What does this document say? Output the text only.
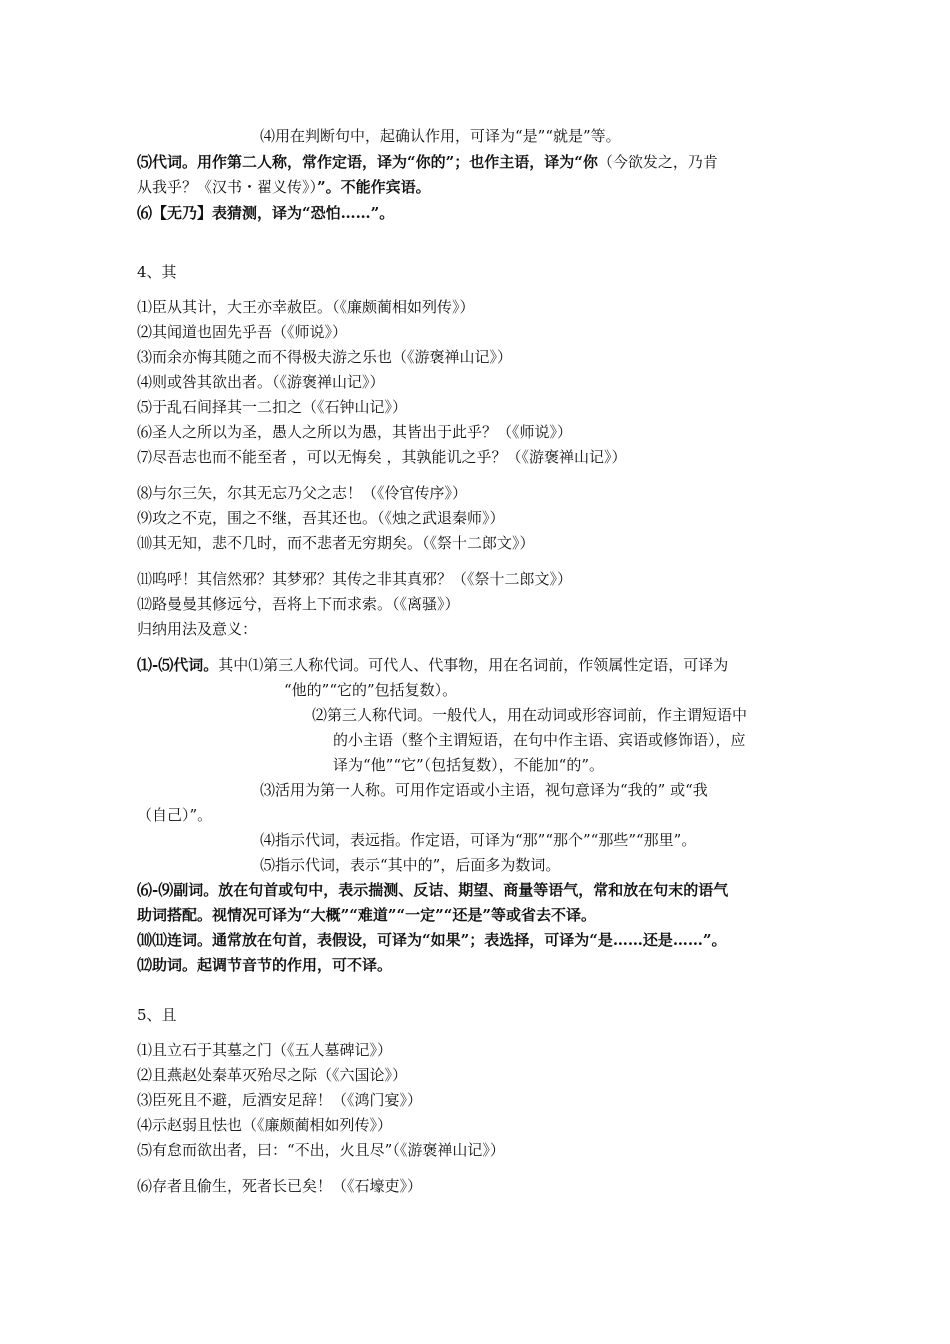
⑷用在判断句中，起确认作用，可译为“是”“就是”等。
⑸代词。用作第二人称，常作定语，译为“你的”；也作主语，译为“你（今欲发之，乃肯
从我乎？《汉书・翟义传》）”。不能作宾语。
⑹【无乃】表猜测，译为“恐怕……”。
4、其
⑴臣从其计，大王亦幸赦臣。（《廉颇蔺相如列传》）
⑵其闻道也固先乎吾（《师说》）
⑶而余亦悔其随之而不得极夫游之乐也（《游褒禅山记》）
⑷则或咎其欲出者。（《游褒禅山记》）
⑸于乱石间择其一二扣之（《石钟山记》）
⑹圣人之所以为圣，愚人之所以为愚，其皆出于此乎？（《师说》）
⑺尽吾志也而不能至者 ，可以无悔矣 ，其孰能讥之乎？（《游褒禅山记》）
⑻与尔三矢，尔其无忘乃父之志！（《伶官传序》）
⑼攻之不克，围之不继，吾其还也。（《烛之武退秦师》）
⑽其无知，悲不几时，而不悲者无穷期矣。（《祭十二郎文》）
⑾呜呼！其信然邪？其梦邪？其传之非其真邪？（《祭十二郎文》）
⑿路曼曼其修远兮，吾将上下而求索。（《离骚》）
归纳用法及意义：
⑴-⑸代词。其中⑴第三人称代词。可代人、代事物，用在名词前，作领属性定语，可译为
“他的”“它的”包括复数）。
⑵第三人称代词。一般代人，用在动词或形容词前，作主谓短语中
的小主语（整个主谓短语，在句中作主语、宾语或修饰语），应
译为“他”“它”（包括复数），不能加“的”。
⑶活用为第一人称。可用作定语或小主语，视句意译为“我的” 或“我
（自己）”。
⑷指示代词，表远指。作定语，可译为“那”“那个”“那些”“那里”。
⑸指示代词，表示“其中的”，后面多为数词。
⑹-⑼副词。放在句首或句中，表示揣测、反诘、期望、商量等语气，常和放在句末的语气
助词搭配。视情况可译为“大概”“难道”“一定”“还是”等或省去不译。
⑽⑾连词。通常放在句首，表假设，可译为“如果”；表选择，可译为“是……还是……”。
⑿助词。起调节音节的作用，可不译。
5、且
⑴且立石于其墓之门（《五人墓碑记》）
⑵且燕赵处秦革灭殆尽之际（《六国论》）
⑶臣死且不避，卮酒安足辞！（《鸿门宴》）
⑷示赵弱且怯也（《廉颇蔺相如列传》）
⑸有怠而欲出者，曰：“不出，火且尽”（《游褒禅山记》）
⑹存者且偷生，死者长已矣！（《石壕吏》）
